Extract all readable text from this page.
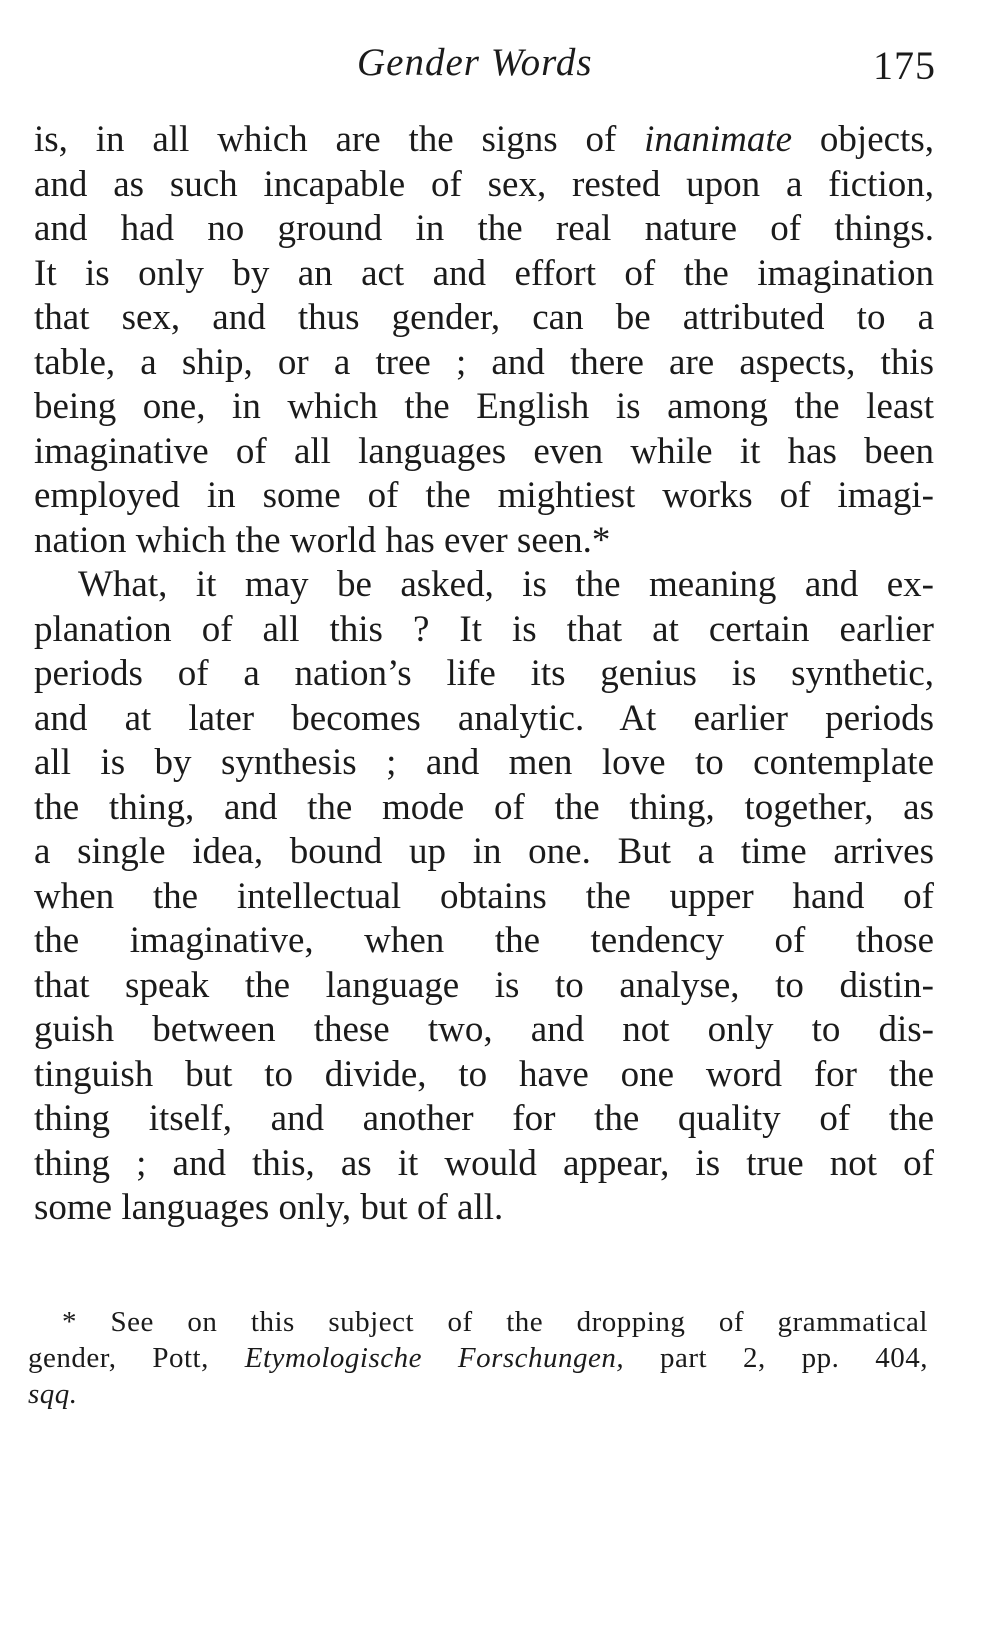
Gender Words	175
is, in all which are the signs of inanimate objects,
and as such incapable of sex, rested upon a fiction,
and had no ground in the real nature of things.
It is only by an act and effort of the imagination
that sex, and thus gender, can be attributed to a
table, a ship, or a tree ; and there are aspects, this
being one, in which the English is among the least
imaginative of all languages even while it has been
employed in some of the mightiest works of imagi-
nation which the world has ever seen.*
What, it may be asked, is the meaning and ex-
planation of all this ? It is that at certain earlier
periods of a nation’s life its genius is synthetic,
and at later becomes analytic. At earlier periods
all is by synthesis ; and men love to contemplate
the thing, and the mode of the thing, together, as
a single idea, bound up in one. But a time arrives
when the intellectual obtains the upper hand of
the imaginative, when the tendency of those
that speak the language is to analyse, to distin-
guish between these two, and not only to dis-
tinguish but to divide, to have one word for the
thing itself, and another for the quality of the
thing ; and this, as it would appear, is true not of
some languages only, but of all.
* See on this subject of the dropping of grammatical
gender, Pott, Etymologische Forschungen, part 2, pp. 404,
sqq.
